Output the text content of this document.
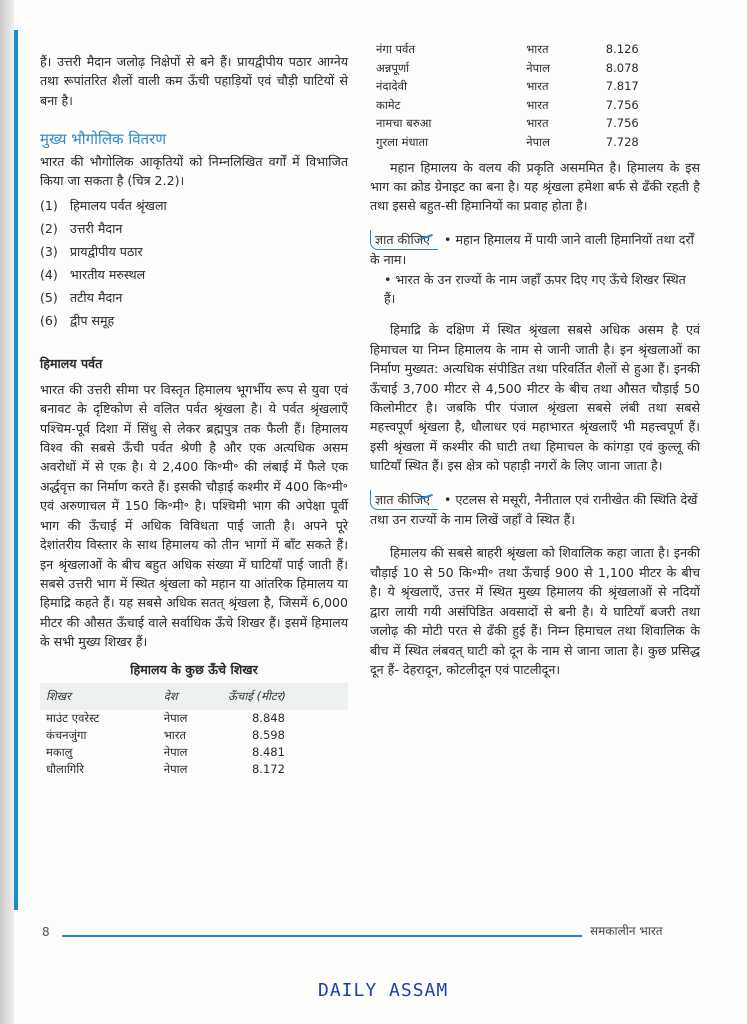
हैं। उत्तरी मैदान जलोढ़ निक्षेपों से बने हैं। प्रायद्वीपीय पठार आग्नेय तथा रूपांतरित शैलों वाली कम ऊँची पहाड़ियों एवं चौड़ी घाटियों से बना है।

मुख्य भौगोलिक वितरण

भारत की भौगोलिक आकृतियों को निम्नलिखित वर्गों में विभाजित किया जा सकता है (चित्र 2.2)।

(1) हिमालय पर्वत श्रृंखला
(2) उत्तरी मैदान
(3) प्रायद्वीपीय पठार
(4) भारतीय मरुस्थल
(5) तटीय मैदान
(6) द्वीप समूह
हिमालय पर्वत

भारत की उत्तरी सीमा पर विस्तृत हिमालय भूगर्भीय रूप से युवा एवं बनावट के दृष्टिकोण से वलित पर्वत श्रृंखला है। ये पर्वत श्रृंखलाएँ पश्चिम-पूर्व दिशा में सिंधु से लेकर ब्रह्मपुत्र तक फैली हैं। हिमालय विश्व की सबसे ऊँची पर्वत श्रेणी है और एक अत्यधिक असम अवरोधों में से एक है। ये 2,400 कि॰मी॰ की लंबाई में फैले एक अर्द्धवृत्त का निर्माण करते हैं। इसकी चौड़ाई कश्मीर में 400 कि॰मी॰ एवं अरुणाचल में 150 कि॰मी॰ है। पश्चिमी भाग की अपेक्षा पूर्वी भाग की ऊँचाई में अधिक विविधता पाई जाती है। अपने पूरे देशांतरीय विस्तार के साथ हिमालय को तीन भागों में बाँट सकते हैं। इन श्रृंखलाओं के बीच बहुत अधिक संख्या में घाटियाँ पाई जाती हैं। सबसे उत्तरी भाग में स्थित श्रृंखला को महान या आंतरिक हिमालय या हिमाद्रि कहते हैं। यह सबसे अधिक सतत् श्रृंखला है, जिसमें 6,000 मीटर की औसत ऊँचाई वाले सर्वाधिक ऊँचे शिखर हैं। इसमें हिमालय के सभी मुख्य शिखर हैं।

हिमालय के कुछ ऊँचे शिखर
शिखर	देश	ऊँचाई (मीटर)
माउंट एवरेस्ट	नेपाल	8.848
कंचनजुंगा	भारत	8.598
मकालु	नेपाल	8.481
धौलागिरि	नेपाल	8.172
नंगा पर्वत	भारत	8.126
अन्नपूर्णा	नेपाल	8.078
नंदादेवी	भारत	7.817
कामेट	भारत	7.756
नामचा बरुआ	भारत	7.756
गुरला मंधाता	नेपाल	7.728

महान हिमालय के वलय की प्रकृति असममित है। हिमालय के इस भाग का क्रोड ग्रेनाइट का बना है। यह श्रृंखला हमेशा बर्फ से ढँकी रहती है तथा इससे बहुत-सी हिमानियों का प्रवाह होता है।

ज्ञात कीजिए • महान हिमालय में पायी जाने वाली हिमानियों तथा दर्रों के नाम।
• भारत के उन राज्यों के नाम जहाँ ऊपर दिए गए ऊँचे शिखर स्थित हैं।

हिमाद्रि के दक्षिण में स्थित श्रृंखला सबसे अधिक असम है एवं हिमाचल या निम्न हिमालय के नाम से जानी जाती है। इन श्रृंखलाओं का निर्माण मुख्यत: अत्यधिक संपीडित तथा परिवर्तित शैलों से हुआ हैं। इनकी ऊँचाई 3,700 मीटर से 4,500 मीटर के बीच तथा औसत चौड़ाई 50 किलोमीटर है। जबकि पीर पंजाल श्रृंखला सबसे लंबी तथा सबसे महत्त्वपूर्ण श्रृंखला है, धौलाधर एवं महाभारत श्रृंखलाएँ भी महत्त्वपूर्ण हैं। इसी श्रृंखला में कश्मीर की घाटी तथा हिमाचल के कांगड़ा एवं कुल्लू की घाटियाँ स्थित हैं। इस क्षेत्र को पहाड़ी नगरों के लिए जाना जाता है।

ज्ञात कीजिए • एटलस से मसूरी, नैनीताल एवं रानीखेत की स्थिति देखें तथा उन राज्यों के नाम लिखें जहाँ वे स्थित हैं।

हिमालय की सबसे बाहरी श्रृंखला को शिवालिक कहा जाता है। इनकी चौड़ाई 10 से 50 कि॰मी॰ तथा ऊँचाई 900 से 1,100 मीटर के बीच है। ये श्रृंखलाएँ, उत्तर में स्थित मुख्य हिमालय की श्रृंखलाओं से नदियों द्वारा लायी गयी असंपिडित अवसादों से बनी है। ये घाटियाँ बजरी तथा जलोढ़ की मोटी परत से ढँकी हुई हैं। निम्न हिमाचल तथा शिवालिक के बीच में स्थित लंबवत् घाटी को दून के नाम से जाना जाता है। कुछ प्रसिद्ध दून हैं- देहरादून, कोटलीदून एवं पाटलीदून।

8	समकालीन भारत
DAILY ASSAM
